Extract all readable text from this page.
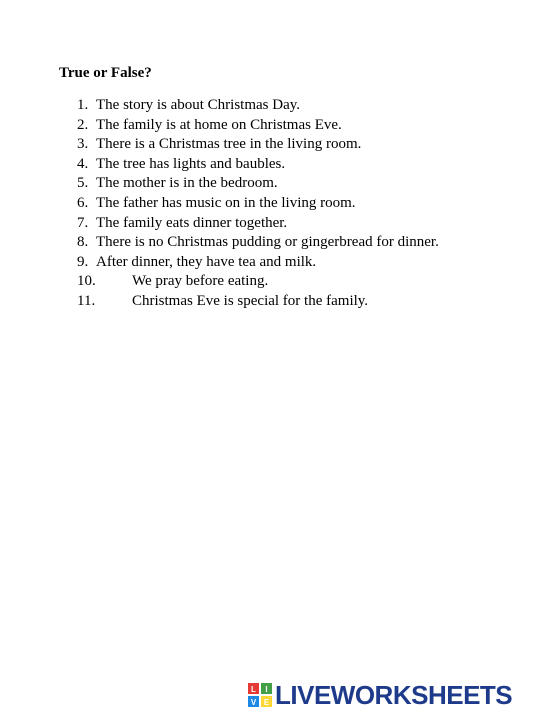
True or False?
1. The story is about Christmas Day.
2. The family is at home on Christmas Eve.
3. There is a Christmas tree in the living room.
4. The tree has lights and baubles.
5. The mother is in the bedroom.
6. The father has music on in the living room.
7. The family eats dinner together.
8. There is no Christmas pudding or gingerbread for dinner.
9. After dinner, they have tea and milk.
10. We pray before eating.
11. Christmas Eve is special for the family.
L I
V E LIVEWORKSHEETS
